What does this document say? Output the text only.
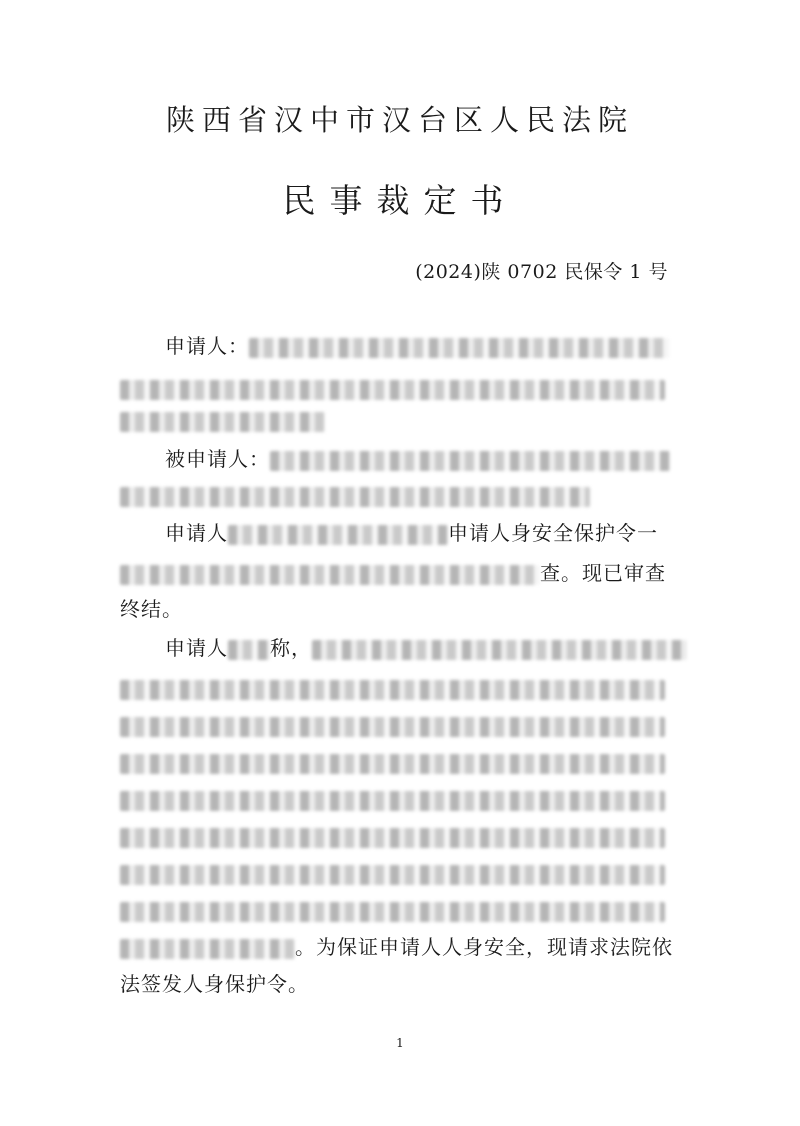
陕西省汉中市汉台区人民法院
民事裁定书
(2024)陕 0702 民保令 1 号
申请人：
被申请人：
申请人	申请人身安全保护令一
查。现已审查
终结。
申请人 称，
。为保证申请人人身安全，现请求法院依
法签发人身保护令。
1
